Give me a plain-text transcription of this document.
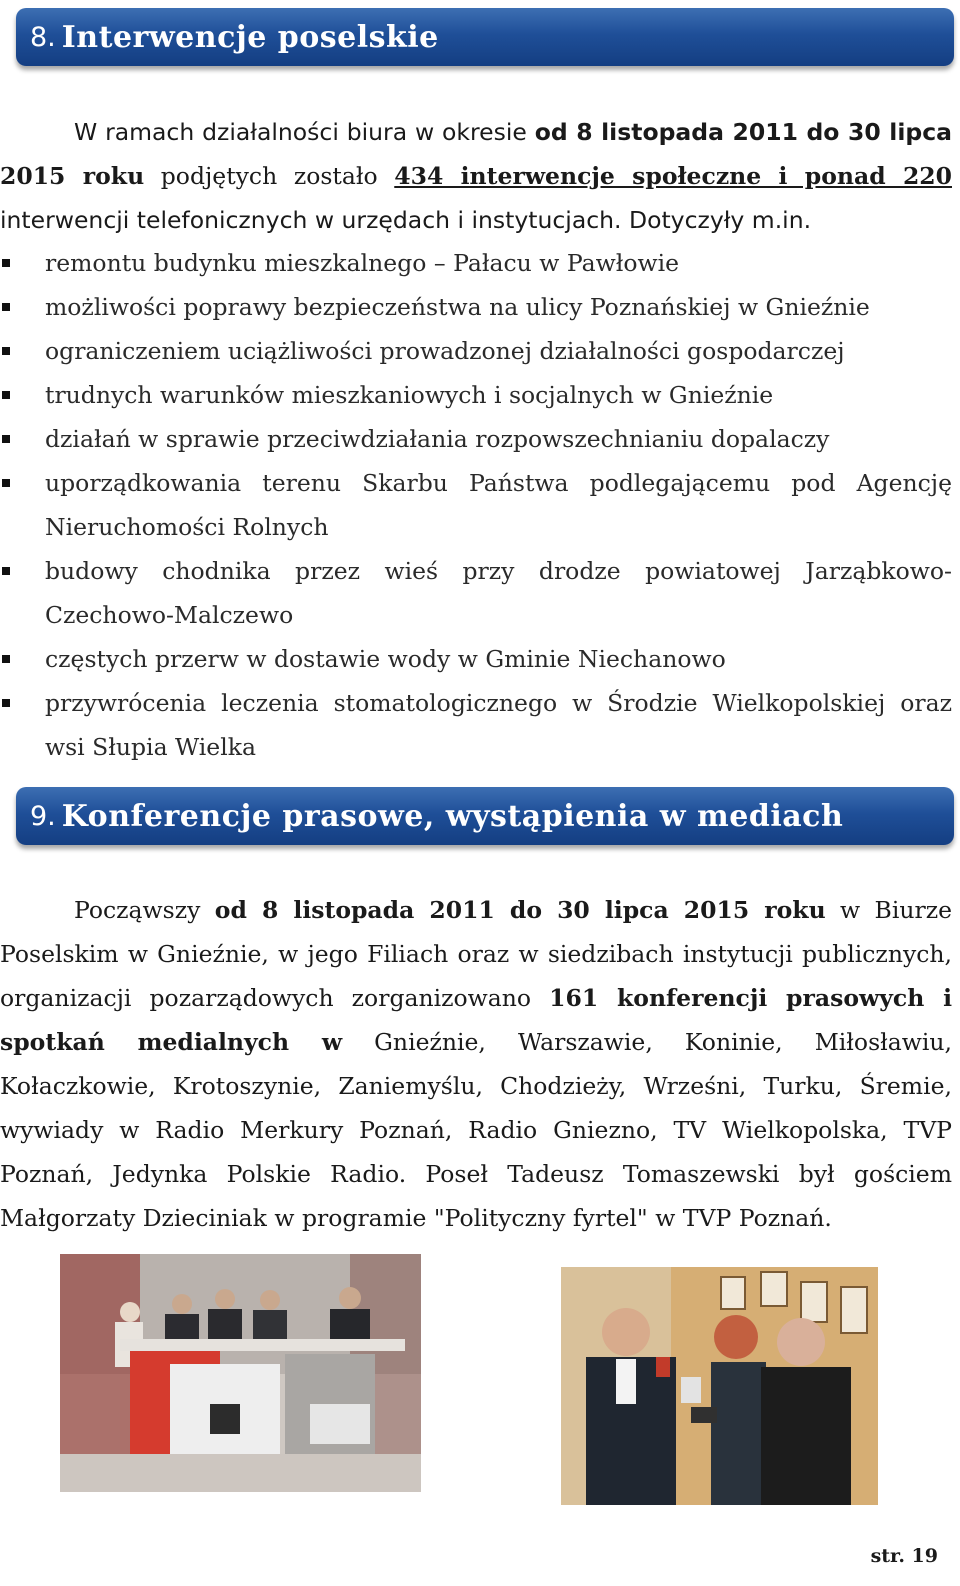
8. Interwencje poselskie

W ramach działalności biura w okresie od 8 listopada 2011 do 30 lipca 2015 roku podjętych zostało 434 interwencje społeczne i ponad 220 interwencji telefonicznych w urzędach i instytucjach. Dotyczyły m.in.

remontu budynku mieszkalnego – Pałacu w Pawłowie
możliwości poprawy bezpieczeństwa na ulicy Poznańskiej w Gnieźnie
ograniczeniem uciążliwości prowadzonej działalności gospodarczej
trudnych warunków mieszkaniowych i socjalnych w Gnieźnie
działań w sprawie przeciwdziałania rozpowszechnianiu dopalaczy
uporządkowania terenu Skarbu Państwa podlegającemu pod Agencję Nieruchomości Rolnych
budowy chodnika przez wieś przy drodze powiatowej Jarząbkowo-Czechowo-Malczewo
częstych przerw w dostawie wody w Gminie Niechanowo
przywrócenia leczenia stomatologicznego w Środzie Wielkopolskiej oraz wsi Słupia Wielka
9. Konferencje prasowe, wystąpienia w mediach

Począwszy od 8 listopada 2011 do 30 lipca 2015 roku w Biurze Poselskim w Gnieźnie, w jego Filiach oraz w siedzibach instytucji publicznych, organizacji pozarządowych zorganizowano 161 konferencji prasowych i spotkań medialnych w Gnieźnie, Warszawie, Koninie, Miłosławiu, Kołaczkowie, Krotoszynie, Zaniemyślu, Chodzieży, Wrześni, Turku, Śremie, wywiady w Radio Merkury Poznań, Radio Gniezno, TV Wielkopolska, TVP Poznań, Jedynka Polskie Radio. Poseł Tadeusz Tomaszewski był gościem Małgorzaty Dzieciniak w programie "Polityczny fyrtel" w TVP Poznań.

str. 19
